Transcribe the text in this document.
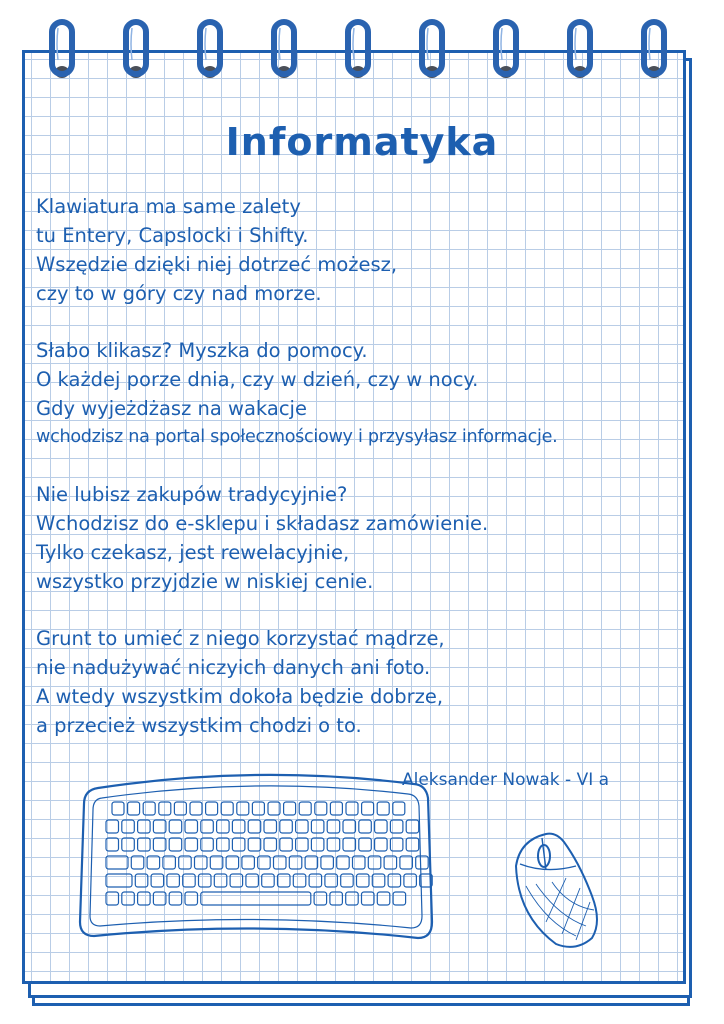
Informatyka
Klawiatura ma same zalety
tu Entery, Capslocki i Shifty.
Wszędzie dzięki niej dotrzeć możesz,
czy to w góry czy nad morze.
Słabo klikasz? Myszka do pomocy.
O każdej porze dnia, czy w dzień, czy w nocy.
Gdy wyjeżdżasz na wakacje
wchodzisz na portal społecznościowy i przysyłasz informacje.
Nie lubisz zakupów tradycyjnie?
Wchodzisz do e-sklepu i składasz zamówienie.
Tylko czekasz, jest rewelacyjnie,
wszystko przyjdzie w niskiej cenie.
Grunt to umieć z niego korzystać mądrze,
nie nadużywać niczyich danych ani foto.
A wtedy wszystkim dokoła będzie dobrze,
a przecież wszystkim chodzi o to.
Aleksander Nowak - VI a
